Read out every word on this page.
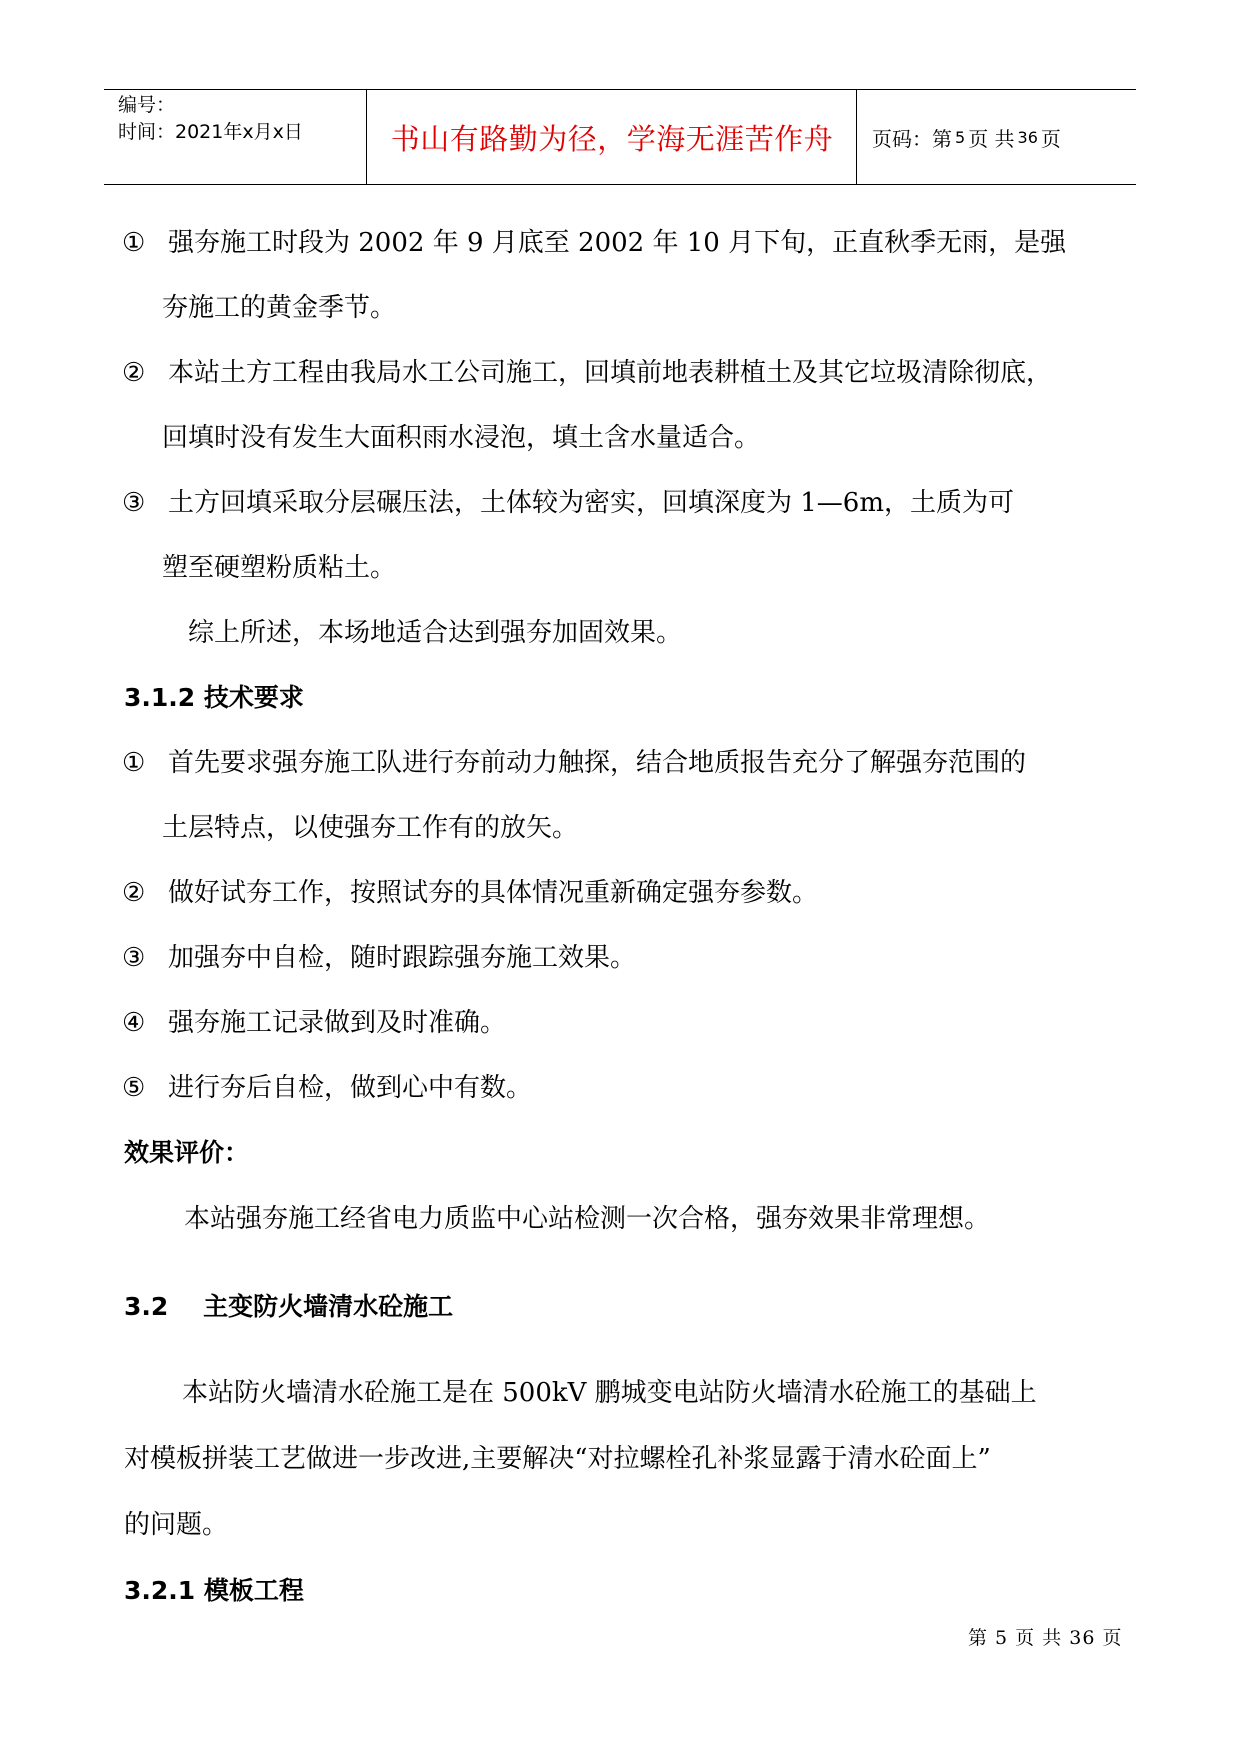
编号：
时间：2021年x月x日	书山有路勤为径，学海无涯苦作舟	页码：第 5 页 共 36 页
① 强夯施工时段为 2002 年 9 月底至 2002 年 10 月下旬，正直秋季无雨，是强
夯施工的黄金季节。
② 本站土方工程由我局水工公司施工，回填前地表耕植土及其它垃圾清除彻底，
回填时没有发生大面积雨水浸泡，填土含水量适合。
③ 土方回填采取分层碾压法，土体较为密实，回填深度为 1—6m，土质为可
塑至硬塑粉质粘土。
综上所述，本场地适合达到强夯加固效果。
3.1.2 技术要求
① 首先要求强夯施工队进行夯前动力触探，结合地质报告充分了解强夯范围的
土层特点，以使强夯工作有的放矢。
② 做好试夯工作，按照试夯的具体情况重新确定强夯参数。
③ 加强夯中自检，随时跟踪强夯施工效果。
④ 强夯施工记录做到及时准确。
⑤ 进行夯后自检，做到心中有数。
效果评价：
本站强夯施工经省电力质监中心站检测一次合格，强夯效果非常理想。
3.2    主变防火墙清水砼施工
本站防火墙清水砼施工是在 500kV 鹏城变电站防火墙清水砼施工的基础上
对模板拼装工艺做进一步改进,主要解决“对拉螺栓孔补浆显露于清水砼面上”
的问题。
3.2.1 模板工程
第 5 页 共 36 页
